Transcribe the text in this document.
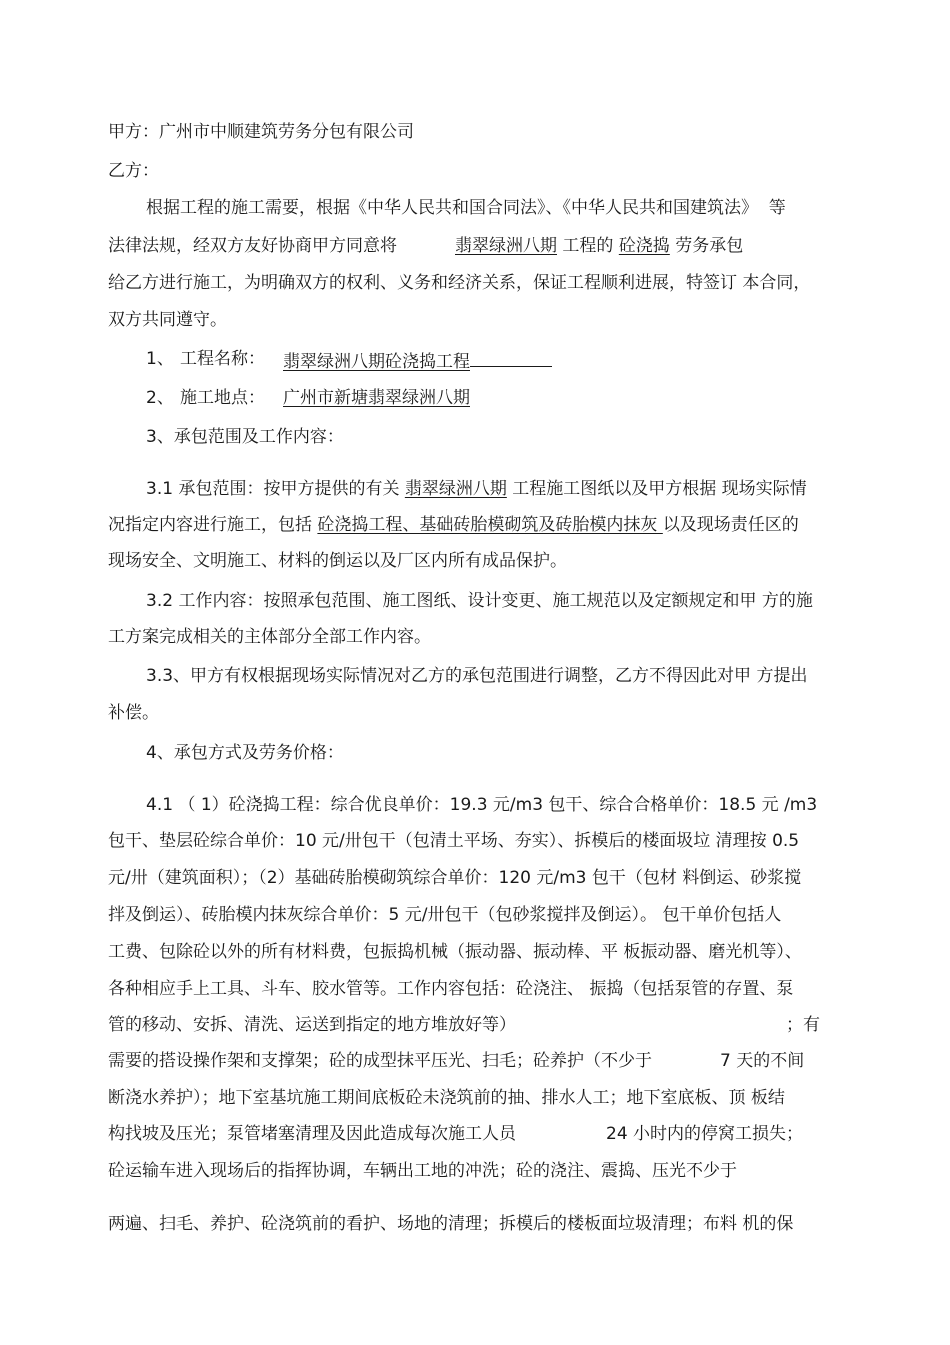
甲方：广州市中顺建筑劳务分包有限公司
乙方：
根据工程的施工需要，根据《中华人民共和国合同法》、《中华人民共和国建筑法》  等
法律法规，经双方友好协商甲方同意将	翡翠绿洲八期 工程的 砼浇捣 劳务承包
给乙方进行施工，为明确双方的权利、义务和经济关系，保证工程顺利进展，特签订 本合同，
双方共同遵守。
1、 工程名称： 翡翠绿洲八期砼浇捣工程
2、 施工地点： 广州市新塘翡翠绿洲八期
3、承包范围及工作内容：
3.1 承包范围：按甲方提供的有关 翡翠绿洲八期 工程施工图纸以及甲方根据 现场实际情
况指定内容进行施工，包括 砼浇捣工程、基础砖胎模砌筑及砖胎模内抹灰 以及现场责任区的
现场安全、文明施工、材料的倒运以及厂区内所有成品保护。
3.2 工作内容：按照承包范围、施工图纸、设计变更、施工规范以及定额规定和甲 方的施
工方案完成相关的主体部分全部工作内容。
3.3、甲方有权根据现场实际情况对乙方的承包范围进行调整，乙方不得因此对甲 方提出
补偿。
4、承包方式及劳务价格：
4.1 （ 1）砼浇捣工程：综合优良单价：19.3 元/m3 包干、综合合格单价：18.5 元 /m3
包干、垫层砼综合单价：10 元/卅包干（包清土平场、夯实）、拆模后的楼面圾垃 清理按 0.5
元/卅（建筑面积）；（2）基础砖胎模砌筑综合单价：120 元/m3 包干（包材 料倒运、砂浆搅
拌及倒运）、砖胎模内抹灰综合单价：5 元/卅包干（包砂浆搅拌及倒运）。 包干单价包括人
工费、包除砼以外的所有材料费，包振捣机械（振动器、振动棒、平 板振动器、磨光机等）、
各种相应手上工具、斗车、胶水管等。工作内容包括：砼浇注、 振捣（包括泵管的存置、泵
管的移动、安拆、清洗、运送到指定的地方堆放好等）	；有
需要的搭设操作架和支撑架；砼的成型抹平压光、扫毛；砼养护（不少于	7 天的不间
断浇水养护）；地下室基坑施工期间底板砼未浇筑前的抽、排水人工；地下室底板、顶 板结
构找坡及压光；泵管堵塞清理及因此造成每次施工人员	24 小时内的停窝工损失；
砼运输车进入现场后的指挥协调，车辆出工地的冲洗；砼的浇注、震捣、压光不少于
两遍、扫毛、养护、砼浇筑前的看护、场地的清理；拆模后的楼板面垃圾清理；布料 机的保
